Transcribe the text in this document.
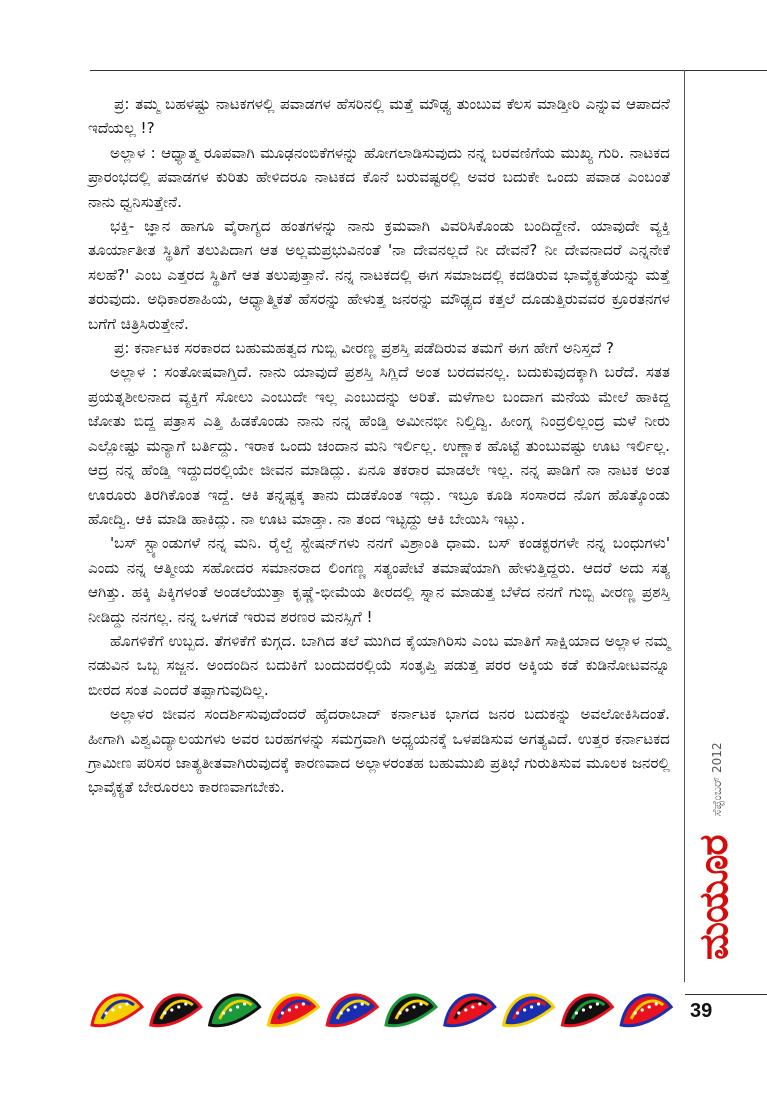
ಪ್ರ: ತಮ್ಮ ಬಹಳಷ್ಟು ನಾಟಕಗಳಲ್ಲಿ ಪವಾಡಗಳ ಹೆಸರಿನಲ್ಲಿ ಮತ್ತೆ ಮೌಢ್ಯ ತುಂಬುವ ಕೆಲಸ ಮಾಡ್ತೀರಿ ಎನ್ನುವ ಆಪಾದನೆ ಇದೆಯಲ್ಲ !?

ಅಲ್ಲಾಳ : ಆಧ್ಯಾತ್ಮ ರೂಪವಾಗಿ ಮೂಢನಂಬಿಕೆಗಳನ್ನು ಹೋಗಲಾಡಿಸುವುದು ನನ್ನ ಬರವಣಿಗೆಯ ಮುಖ್ಯ ಗುರಿ. ನಾಟಕದ ಪ್ರಾರಂಭದಲ್ಲಿ ಪವಾಡಗಳ ಕುರಿತು ಹೇಳಿದರೂ ನಾಟಕದ ಕೊನೆ ಬರುವಷ್ಟರಲ್ಲಿ ಅವರ ಬದುಕೇ ಒಂದು ಪವಾಡ ಎಂಬಂತೆ ನಾನು ಧ್ವನಿಸುತ್ತೇನೆ.

ಭಕ್ತಿ- ಜ್ಞಾನ ಹಾಗೂ ವೈರಾಗ್ಯದ ಹಂತಗಳನ್ನು ನಾನು ಕ್ರಮವಾಗಿ ವಿವರಿಸಿಕೊಂಡು ಬಂದಿದ್ದೇನೆ. ಯಾವುದೇ ವ್ಯಕ್ತಿ ತೂರ್ಯಾತೀತ ಸ್ಥಿತಿಗೆ ತಲುಪಿದಾಗ ಆತ ಅಲ್ಲಮಪ್ರಭುವಿನಂತೆ 'ನಾ ದೇವನಲ್ಲದೆ ನೀ ದೇವನೆ? ನೀ ದೇವನಾದರೆ ಎನ್ನನೇಕೆ ಸಲಹೆ?' ಎಂಬ ಎತ್ತರದ ಸ್ಥಿತಿಗೆ ಆತ ತಲುಪುತ್ತಾನೆ. ನನ್ನ ನಾಟಕದಲ್ಲಿ ಈಗ ಸಮಾಜದಲ್ಲಿ ಕದಡಿರುವ ಭಾವೈಕ್ಯತೆಯನ್ನು ಮತ್ತೆ ತರುವುದು. ಅಧಿಕಾರಶಾಹಿಯ, ಆಧ್ಯಾತ್ಮಿಕತೆ ಹೆಸರನ್ನು ಹೇಳುತ್ತ ಜನರನ್ನು ಮೌಢ್ಯದ ಕತ್ತಲೆ ದೂಡುತ್ತಿರುವವರ ಕ್ರೂರತನಗಳ ಬಗೆಗೆ ಚಿತ್ರಿಸಿರುತ್ತೇನೆ.

ಪ್ರ: ಕರ್ನಾಟಕ ಸರಕಾರದ ಬಹುಮಹತ್ವದ ಗುಬ್ಬಿ ವೀರಣ್ಣ ಪ್ರಶಸ್ತಿ ಪಡೆದಿರುವ ತಮಗೆ ಈಗ ಹೇಗೆ ಅನಿಸ್ತದೆ ?

ಅಲ್ಲಾಳ : ಸಂತೋಷವಾಗ್ತಿದೆ. ನಾನು ಯಾವುದೆ ಪ್ರಶಸ್ತಿ ಸಿಗ್ಲಿದೆ ಅಂತ ಬರದವನಲ್ಲ. ಬದುಕುವುದಕ್ಕಾಗಿ ಬರೆದೆ. ಸತತ ಪ್ರಯತ್ನಶೀಲನಾದ ವ್ಯಕ್ತಿಗೆ ಸೋಲು ಎಂಬುದೇ ಇಲ್ಲ ಎಂಬುದನ್ನು ಅರಿತೆ. ಮಳೆಗಾಲ ಬಂದಾಗ ಮನೆಯ ಮೇಲೆ ಹಾಕಿದ್ದ ಜೋತು ಬಿದ್ದ ಪತ್ರಾಸ ಎತ್ತಿ ಹಿಡಕೊಂಡು ನಾನು ನನ್ನ ಹೆಂಡ್ತಿ ಅಮೀನಭೀ ನಿಲ್ತಿದ್ವಿ. ಹೀಂಗ್ನ ನಿಂದ್ರಲಿಲ್ಲಂದ್ರ ಮಳೆ ನೀರು ಎಲ್ಲೋಷ್ಟು ಮನ್ಯಾಗೆ ಬರ್ತಿದ್ದು. ಇರಾಕ ಒಂದು ಚಂದಾನ ಮನಿ ಇರ್ಲಿಲ್ಲ. ಉಣ್ಣಾಕ ಹೊಟ್ಟೆ ತುಂಬುವಷ್ಟು ಊಟ ಇರ್ಲಿಲ್ಲ. ಆದ್ರ ನನ್ನ ಹೆಂಡ್ತಿ ಇದ್ದುದರಲ್ಲಿಯೇ ಜೀವನ ಮಾಡಿದ್ಲು. ಏನೂ ತಕರಾರ ಮಾಡಲೇ ಇಲ್ಲ. ನನ್ನ ಪಾಡಿಗೆ ನಾ ನಾಟಕ ಅಂತ ಊರೂರು ತಿರಗಿಕೊಂತ ಇದ್ದೆ. ಆಕಿ ತನ್ನಷ್ಟಕ್ಕ ತಾನು ದುಡಕೊಂತ ಇದ್ಲು. ಇಬ್ರೂ ಕೂಡಿ ಸಂಸಾರದ ನೊಗ ಹೊತ್ಕೊಂಡು ಹೋದ್ವಿ. ಆಕಿ ಮಾಡಿ ಹಾಕಿದ್ಲು. ನಾ ಊಟ ಮಾಡ್ತಾ. ನಾ ತಂದ ಇಟ್ಟದ್ದು ಆಕಿ ಬೇಯಿಸಿ ಇಟ್ಲು.

'ಬಸ್ ಸ್ಟ್ಯಾಂಡುಗಳೆ ನನ್ನ ಮನಿ. ರೈಲ್ವೆ ಸ್ಟೇಷನ್‌ಗಳು ನನಗೆ ವಿಶ್ರಾಂತಿ ಧಾಮ. ಬಸ್ ಕಂಡಕ್ಟರಗಳೇ ನನ್ನ ಬಂಧುಗಳು' ಎಂದು ನನ್ನ ಆತ್ಮೀಯ ಸಹೋದರ ಸಮಾನರಾದ ಲಿಂಗಣ್ಣ ಸತ್ಯಂಪೇಟೆ ತಮಾಷೆಯಾಗಿ ಹೇಳುತ್ತಿದ್ದರು. ಆದರೆ ಅದು ಸತ್ಯ ಆಗಿತ್ತು. ಹಕ್ಕಿ ಪಿಕ್ಕಿಗಳಂತೆ ಅಂಡಲೆಯುತ್ತಾ ಕೃಷ್ಣೆ-ಭೀಮೆಯ ತೀರದಲ್ಲಿ ಸ್ನಾನ ಮಾಡುತ್ತ ಬೆಳೆದ ನನಗೆ ಗುಬ್ಬಿ ವೀರಣ್ಣ ಪ್ರಶಸ್ತಿ ನೀಡಿದ್ದು ನನಗಲ್ಲ. ನನ್ನ ಒಳಗಡೆ ಇರುವ ಶರಣರ ಮನಸ್ಸಿಗೆ !

ಹೊಗಳಿಕೆಗೆ ಉಬ್ಬದ. ತೆಗಳಿಕೆಗೆ ಕುಗ್ಗದ. ಬಾಗಿದ ತಲೆ ಮುಗಿದ ಕೈಯಾಗಿರಿಸು ಎಂಬ ಮಾತಿಗೆ ಸಾಕ್ಷಿಯಾದ ಅಲ್ಲಾಳ ನಮ್ಮ ನಡುವಿನ ಒಬ್ಬ ಸಜ್ಜನ. ಅಂದಂದಿನ ಬದುಕಿಗೆ ಬಂದುದರಲ್ಲಿಯೆ ಸಂತೃಪ್ತಿ ಪಡುತ್ತ ಪರರ ಅಕ್ಕಿಯ ಕಡೆ ಕುಡಿನೋಟವನ್ನೂ ಬೀರದ ಸಂತ ಎಂದರೆ ತಪ್ಪಾಗುವುದಿಲ್ಲ.

ಅಲ್ಲಾಳರ ಜೀವನ ಸಂದರ್ಶಿಸುವುದೆಂದರೆ ಹೈದರಾಬಾದ್ ಕರ್ನಾಟಕ ಭಾಗದ ಜನರ ಬದುಕನ್ನು ಅವಲೋಕಿಸಿದಂತೆ. ಹೀಗಾಗಿ ವಿಶ್ವವಿದ್ಯಾಲಯಗಳು ಅವರ ಬರಹಗಳನ್ನು ಸಮಗ್ರವಾಗಿ ಅಧ್ಯಯನಕ್ಕೆ ಒಳಪಡಿಸುವ ಅಗತ್ಯವಿದೆ. ಉತ್ತರ ಕರ್ನಾಟಕದ ಗ್ರಾಮೀಣ ಪರಿಸರ ಜಾತ್ಯತೀತವಾಗಿರುವುದಕ್ಕೆ ಕಾರಣವಾದ ಅಲ್ಲಾಳರಂತಹ ಬಹುಮುಖಿ ಪ್ರತಿಭೆ ಗುರುತಿಸುವ ಮೂಲಕ ಜನರಲ್ಲಿ ಭಾವೈಕ್ಯತೆ ಬೇರೂರಲು ಕಾರಣವಾಗಬೇಕು.

ಮಯೂರ $^{ಸೆಪ್ಟೆಂಬರ್ 2012}$
39
